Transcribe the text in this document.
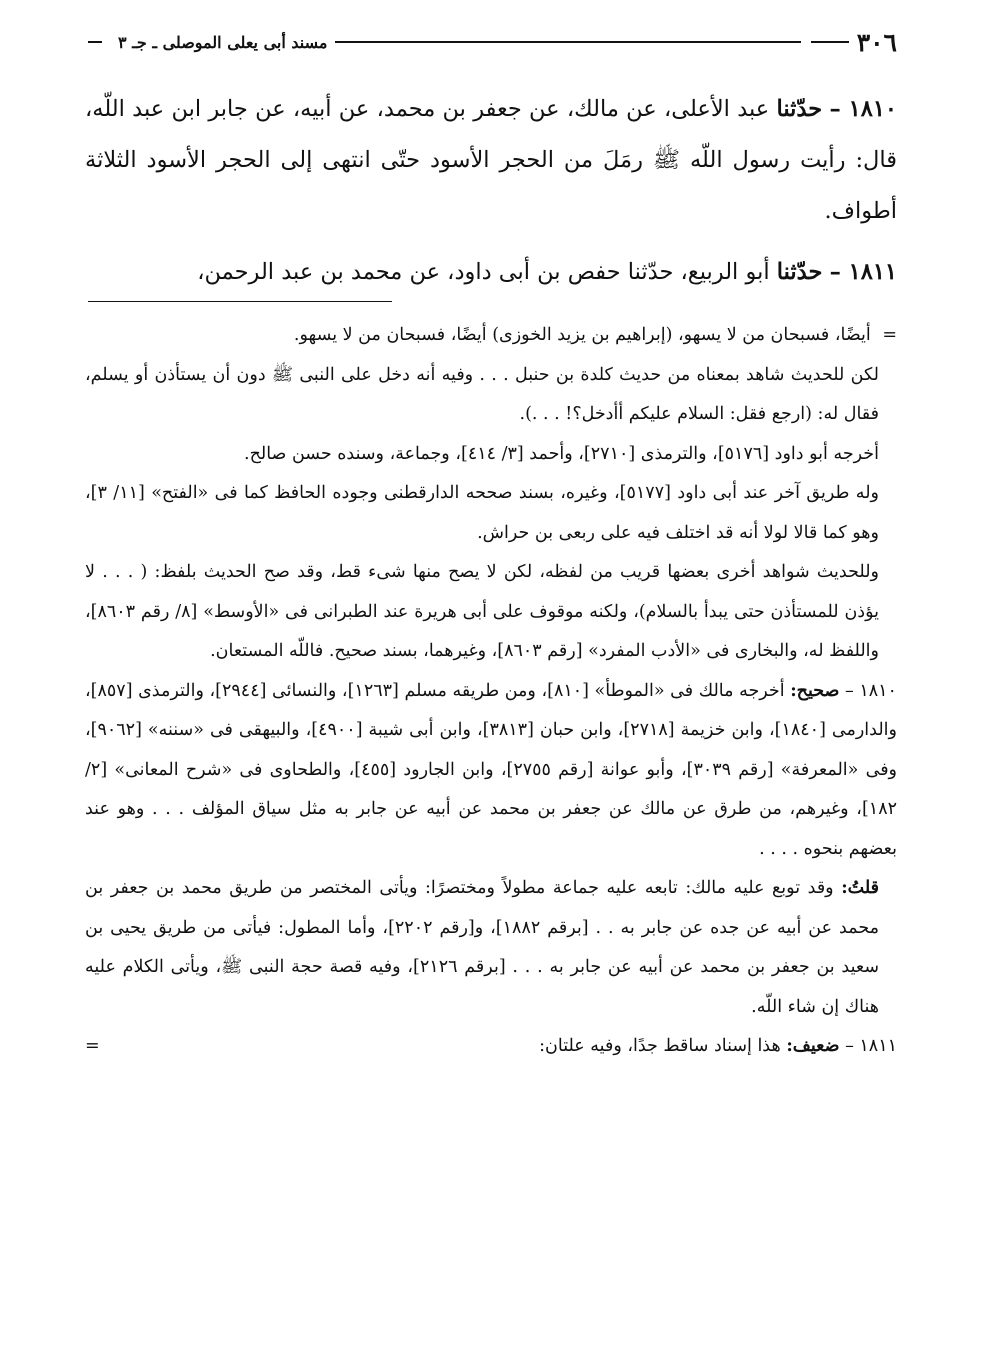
٣٠٦
مسند أبى يعلى الموصلى ـ جـ ٣

١٨١٠ – حدّثنا عبد الأعلى، عن مالك، عن جعفر بن محمد، عن أبيه، عن جابر ابن عبد اللّه، قال: رأيت رسول اللّه ﷺ رمَلَ من الحجر الأسود حتّى انتهى إلى الحجر الأسود الثلاثة أطواف.

١٨١١ – حدّثنا أبو الربيع، حدّثنا حفص بن أبى داود، عن محمد بن عبد الرحمن،

= أيضًا، فسبحان من لا يسهو، (إبراهيم بن يزيد الخوزى) أيضًا، فسبحان من لا يسهو.

لكن للحديث شاهد بمعناه من حديث كلدة بن حنبل . . . وفيه أنه دخل على النبى ﷺ دون أن يستأذن أو يسلم، فقال له: (ارجع فقل: السلام عليكم أأدخل؟! . . .).

أخرجه أبو داود [٥١٧٦]، والترمذى [٢٧١٠]، وأحمد [٣/ ٤١٤]، وجماعة، وسنده حسن صالح.

وله طريق آخر عند أبى داود [٥١٧٧]، وغيره، بسند صححه الدارقطنى وجوده الحافظ كما فى «الفتح» [١١/ ٣]، وهو كما قالا لولا أنه قد اختلف فيه على ربعى بن حراش.

وللحديث شواهد أخرى بعضها قريب من لفظه، لكن لا يصح منها شىء قط، وقد صح الحديث بلفظ: ( . . . لا يؤذن للمستأذن حتى يبدأ بالسلام)، ولكنه موقوف على أبى هريرة عند الطبرانى فى «الأوسط» [٨/ رقم ٨٦٠٣]، واللفظ له، والبخارى فى «الأدب المفرد» [رقم ٨٦٠٣]، وغيرهما، بسند صحيح. فاللّه المستعان.

١٨١٠ – صحيح: أخرجه مالك فى «الموطأ» [٨١٠]، ومن طريقه مسلم [١٢٦٣]، والنسائى [٢٩٤٤]، والترمذى [٨٥٧]، والدارمى [١٨٤٠]، وابن خزيمة [٢٧١٨]، وابن حبان [٣٨١٣]، وابن أبى شيبة [٤٩٠٠]، والبيهقى فى «سننه» [٩٠٦٢]، وفى «المعرفة» [رقم ٣٠٣٩]، وأبو عوانة [رقم ٢٧٥٥]، وابن الجارود [٤٥٥]، والطحاوى فى «شرح المعانى» [٢/ ١٨٢]، وغيرهم، من طرق عن مالك عن جعفر بن محمد عن أبيه عن جابر به مثل سياق المؤلف . . . وهو عند بعضهم بنحوه . . . .

قلتُ: وقد توبع عليه مالك: تابعه عليه جماعة مطولاً ومختصرًا: ويأتى المختصر من طريق محمد بن جعفر بن محمد عن أبيه عن جده عن جابر به . . [برقم ١٨٨٢]، و[رقم ٢٢٠٢]، وأما المطول: فيأتى من طريق يحيى بن سعيد بن جعفر بن محمد عن أبيه عن جابر به . . . [برقم ٢١٢٦]، وفيه قصة حجة النبى ﷺ، ويأتى الكلام عليه هناك إن شاء اللّه.

١٨١١ – ضعيف: هذا إسناد ساقط جدًا، وفيه علتان:
=
